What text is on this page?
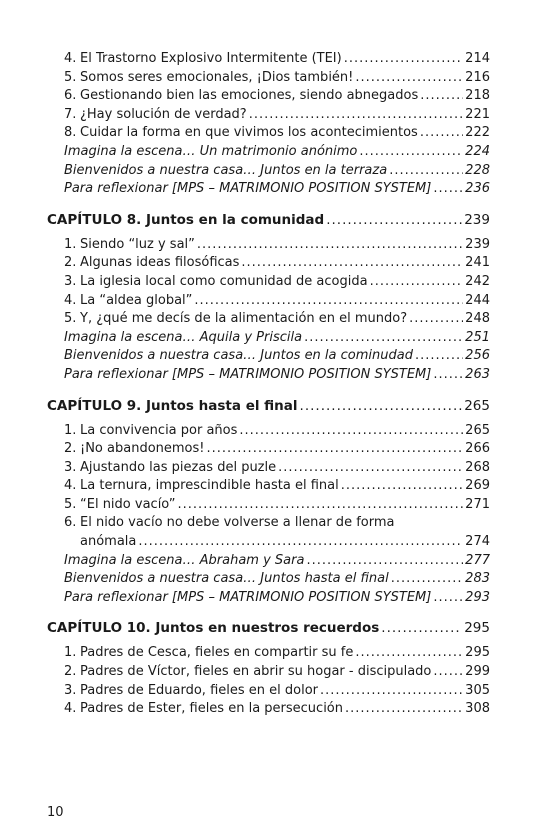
4. El Trastorno Explosivo Intermitente (TEI) .....	214
5. Somos seres emocionales, ¡Dios también! .....	216
6. Gestionando bien las emociones, siendo abnegados .....	218
7. ¿Hay solución de verdad? .....	221
8. Cuidar la forma en que vivimos los acontecimientos .....	222
Imagina la escena… Un matrimonio anónimo .....	224
Bienvenidos a nuestra casa… Juntos en la terraza .....	228
Para reflexionar [MPS – MATRIMONIO POSITION SYSTEM] .....	236
CAPÍTULO 8. Juntos en la comunidad .....	239
1. Siendo “luz y sal” .....	239
2. Algunas ideas filosóficas .....	241
3. La iglesia local como comunidad de acogida .....	242
4. La “aldea global” .....	244
5. Y, ¿qué me decís de la alimentación en el mundo? .....	248
Imagina la escena… Aquila y Priscila .....	251
Bienvenidos a nuestra casa… Juntos en la cominudad .....	256
Para reflexionar [MPS – MATRIMONIO POSITION SYSTEM] .....	263
CAPÍTULO 9. Juntos hasta el final .....	265
1. La convivencia por años .....	265
2. ¡No abandonemos! .....	266
3. Ajustando las piezas del puzle .....	268
4. La ternura, imprescindible hasta el final .....	269
5. “El nido vacío” .....	271
6. El nido vacío no debe volverse a llenar de forma
anómala .....	274
Imagina la escena… Abraham y Sara .....	277
Bienvenidos a nuestra casa… Juntos hasta el final .....	283
Para reflexionar [MPS – MATRIMONIO POSITION SYSTEM] .....	293
CAPÍTULO 10. Juntos en nuestros recuerdos .....	295
1. Padres de Cesca, fieles en compartir su fe .....	295
2. Padres de Víctor, fieles en abrir su hogar - discipulado .....	299
3. Padres de Eduardo, fieles en el dolor .....	305
4. Padres de Ester, fieles en la persecución .....	308
10
